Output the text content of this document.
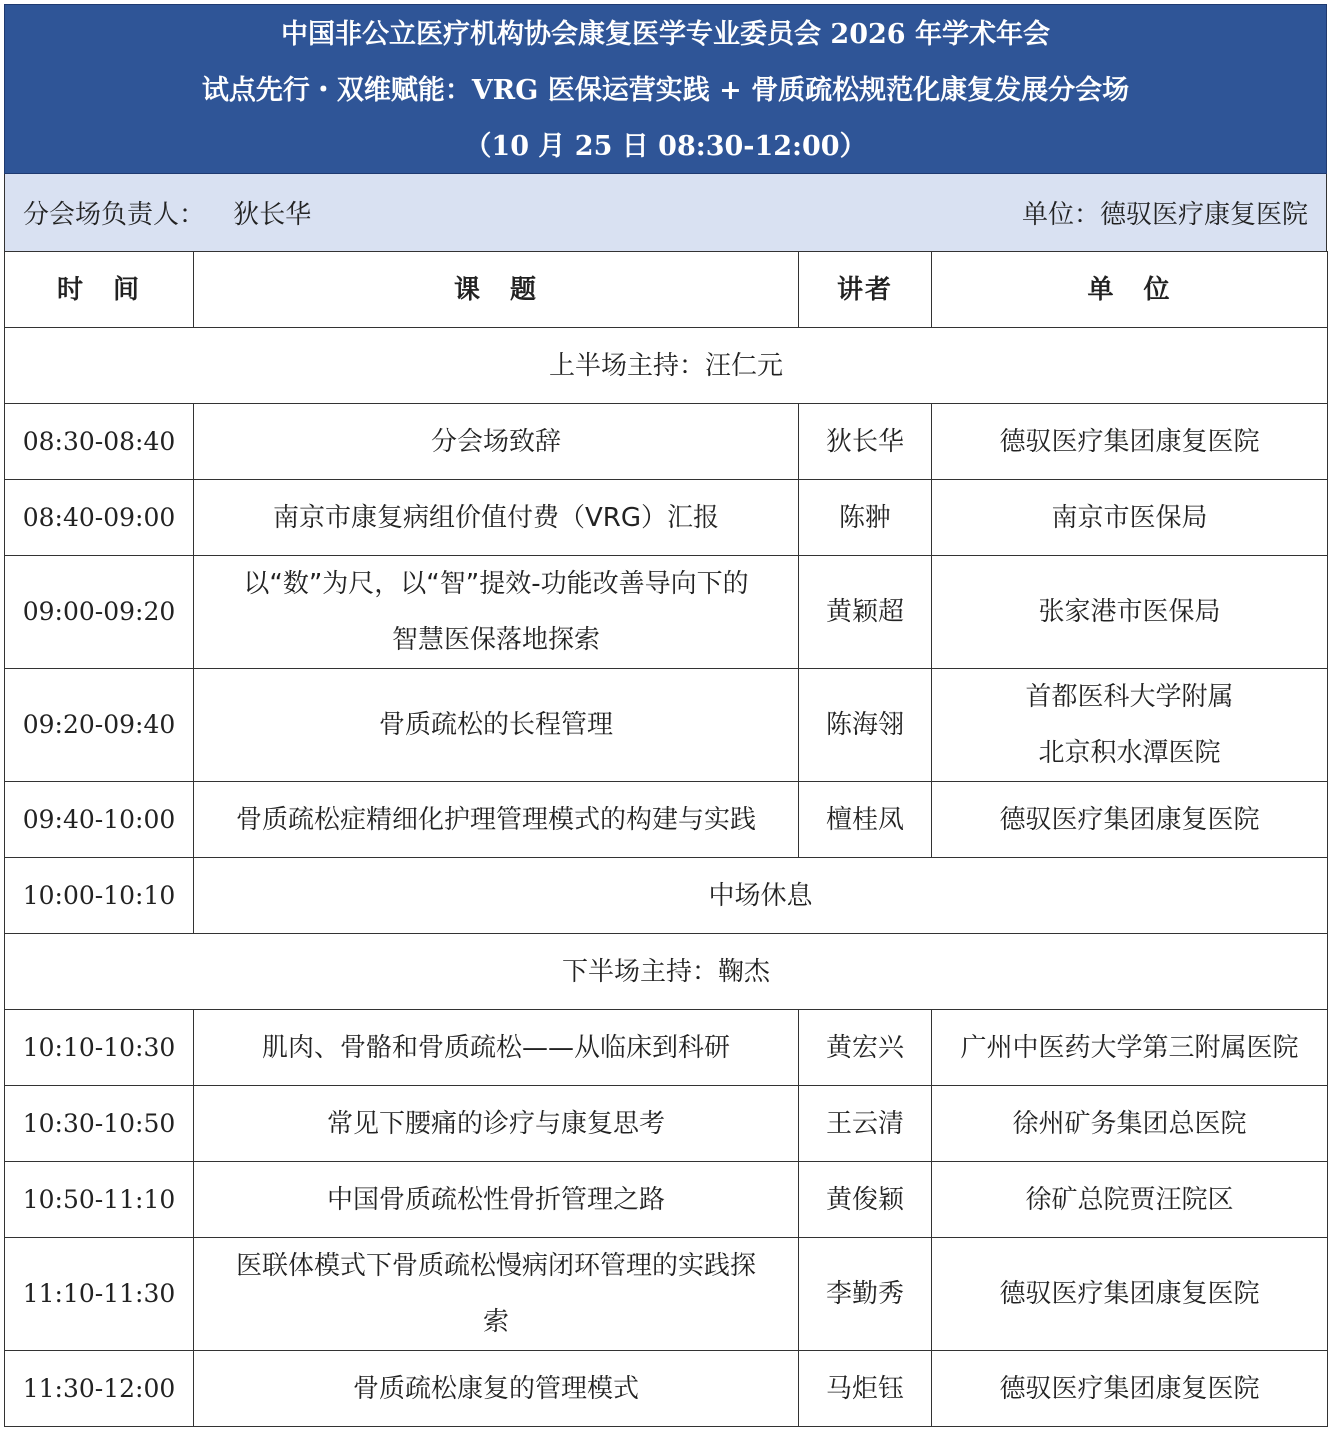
中国非公立医疗机构协会康复医学专业委员会 2026 年学术年会
试点先行・双维赋能：VRG 医保运营实践 + 骨质疏松规范化康复发展分会场
（10 月 25 日 08:30-12:00）
分会场负责人： 狄长华	单位：德驭医疗康复医院
时　间	课　题	讲者	单　位
上半场主持：汪仁元			
08:30-08:40	分会场致辞	狄长华	德驭医疗集团康复医院
08:40-09:00	南京市康复病组价值付费（VRG）汇报	陈翀	南京市医保局
09:00-09:20	以“数”为尺，以“智”提效-功能改善导向下的
智慧医保落地探索	黄颖超	张家港市医保局
09:20-09:40	骨质疏松的长程管理	陈海翎	首都医科大学附属
北京积水潭医院
09:40-10:00	骨质疏松症精细化护理管理模式的构建与实践	檀桂凤	德驭医疗集团康复医院
10:00-10:10	中场休息		
下半场主持：鞠杰			
10:10-10:30	肌肉、骨骼和骨质疏松——从临床到科研	黄宏兴	广州中医药大学第三附属医院
10:30-10:50	常见下腰痛的诊疗与康复思考	王云清	徐州矿务集团总医院
10:50-11:10	中国骨质疏松性骨折管理之路	黄俊颖	徐矿总院贾汪院区
11:10-11:30	医联体模式下骨质疏松慢病闭环管理的实践探
索	李勤秀	德驭医疗集团康复医院
11:30-12:00	骨质疏松康复的管理模式	马炬钰	德驭医疗集团康复医院
